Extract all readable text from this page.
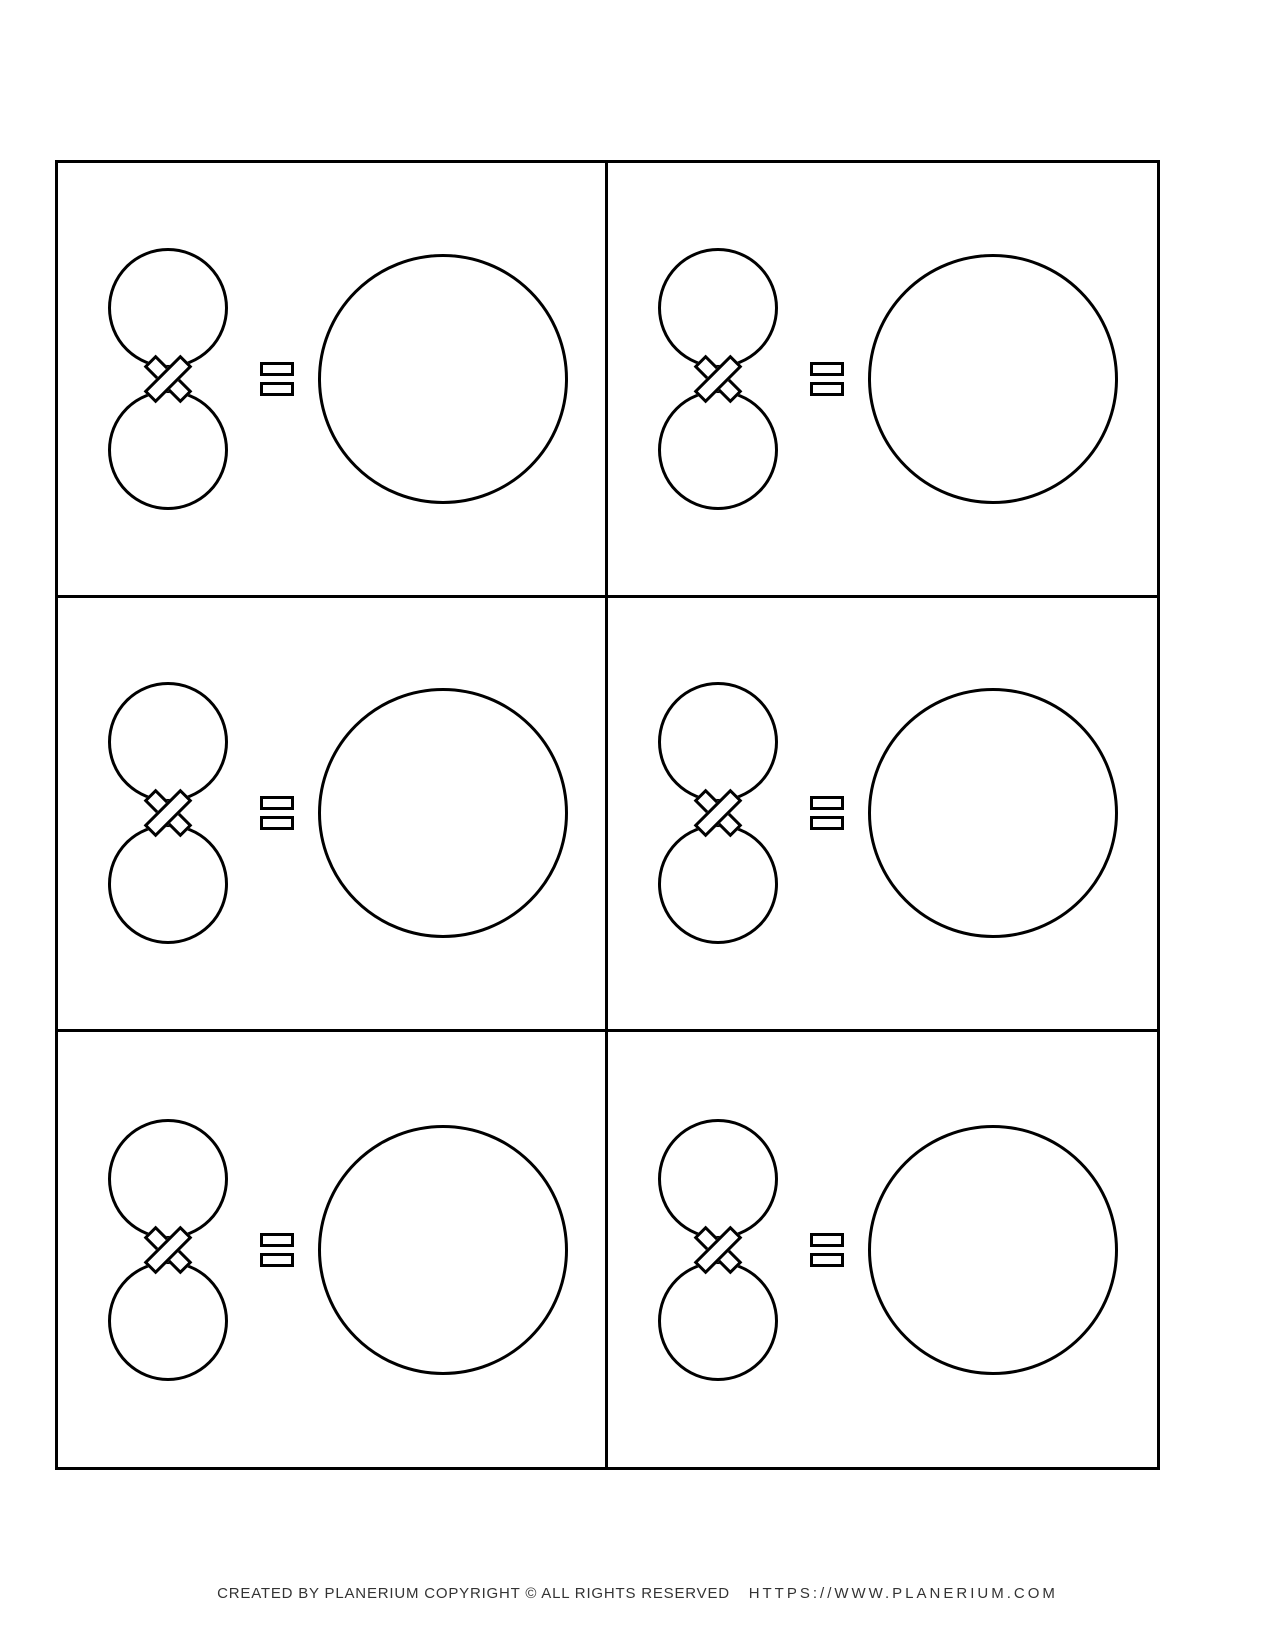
CREATED BY PLANERIUM COPYRIGHT © ALL RIGHTS RESERVED HTTPS://WWW.PLANERIUM.COM
